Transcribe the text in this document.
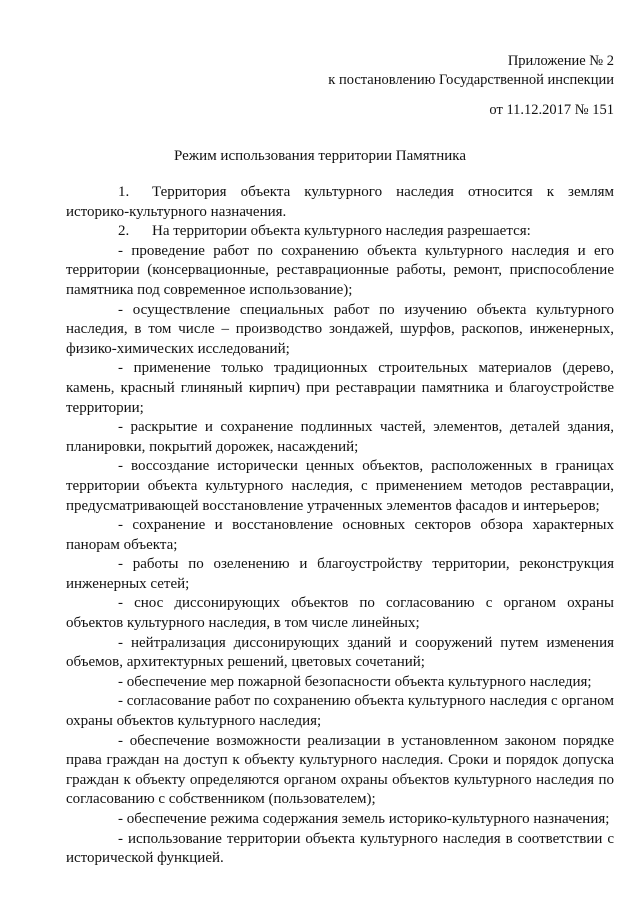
Приложение № 2
к постановлению Государственной инспекции
от 11.12.2017 № 151
Режим использования территории Памятника

1. Территория объекта культурного наследия относится к землям историко-культурного назначения.

2. На территории объекта культурного наследия разрешается:

- проведение работ по сохранению объекта культурного наследия и его территории (консервационные, реставрационные работы, ремонт, приспособление памятника под современное использование);

- осуществление специальных работ по изучению объекта культурного наследия, в том числе – производство зондажей, шурфов, раскопов, инженерных, физико-химических исследований;

- применение только традиционных строительных материалов (дерево, камень, красный глиняный кирпич) при реставрации памятника и благоустройстве территории;

- раскрытие и сохранение подлинных частей, элементов, деталей здания, планировки, покрытий дорожек, насаждений;

- воссоздание исторически ценных объектов, расположенных в границах территории объекта культурного наследия, с применением методов реставрации, предусматривающей восстановление утраченных элементов фасадов и интерьеров;

- сохранение и восстановление основных секторов обзора характерных панорам объекта;

- работы по озеленению и благоустройству территории, реконструкция инженерных сетей;

- снос диссонирующих объектов по согласованию с органом охраны объектов культурного наследия, в том числе линейных;

- нейтрализация диссонирующих зданий и сооружений путем изменения объемов, архитектурных решений, цветовых сочетаний;

- обеспечение мер пожарной безопасности объекта культурного наследия;

- согласование работ по сохранению объекта культурного наследия с органом охраны объектов культурного наследия;

- обеспечение возможности реализации в установленном законом порядке права граждан на доступ к объекту культурного наследия. Сроки и порядок допуска граждан к объекту определяются органом охраны объектов культурного наследия по согласованию с собственником (пользователем);

- обеспечение режима содержания земель историко-культурного назначения;

- использование территории объекта культурного наследия в соответствии с исторической функцией.
